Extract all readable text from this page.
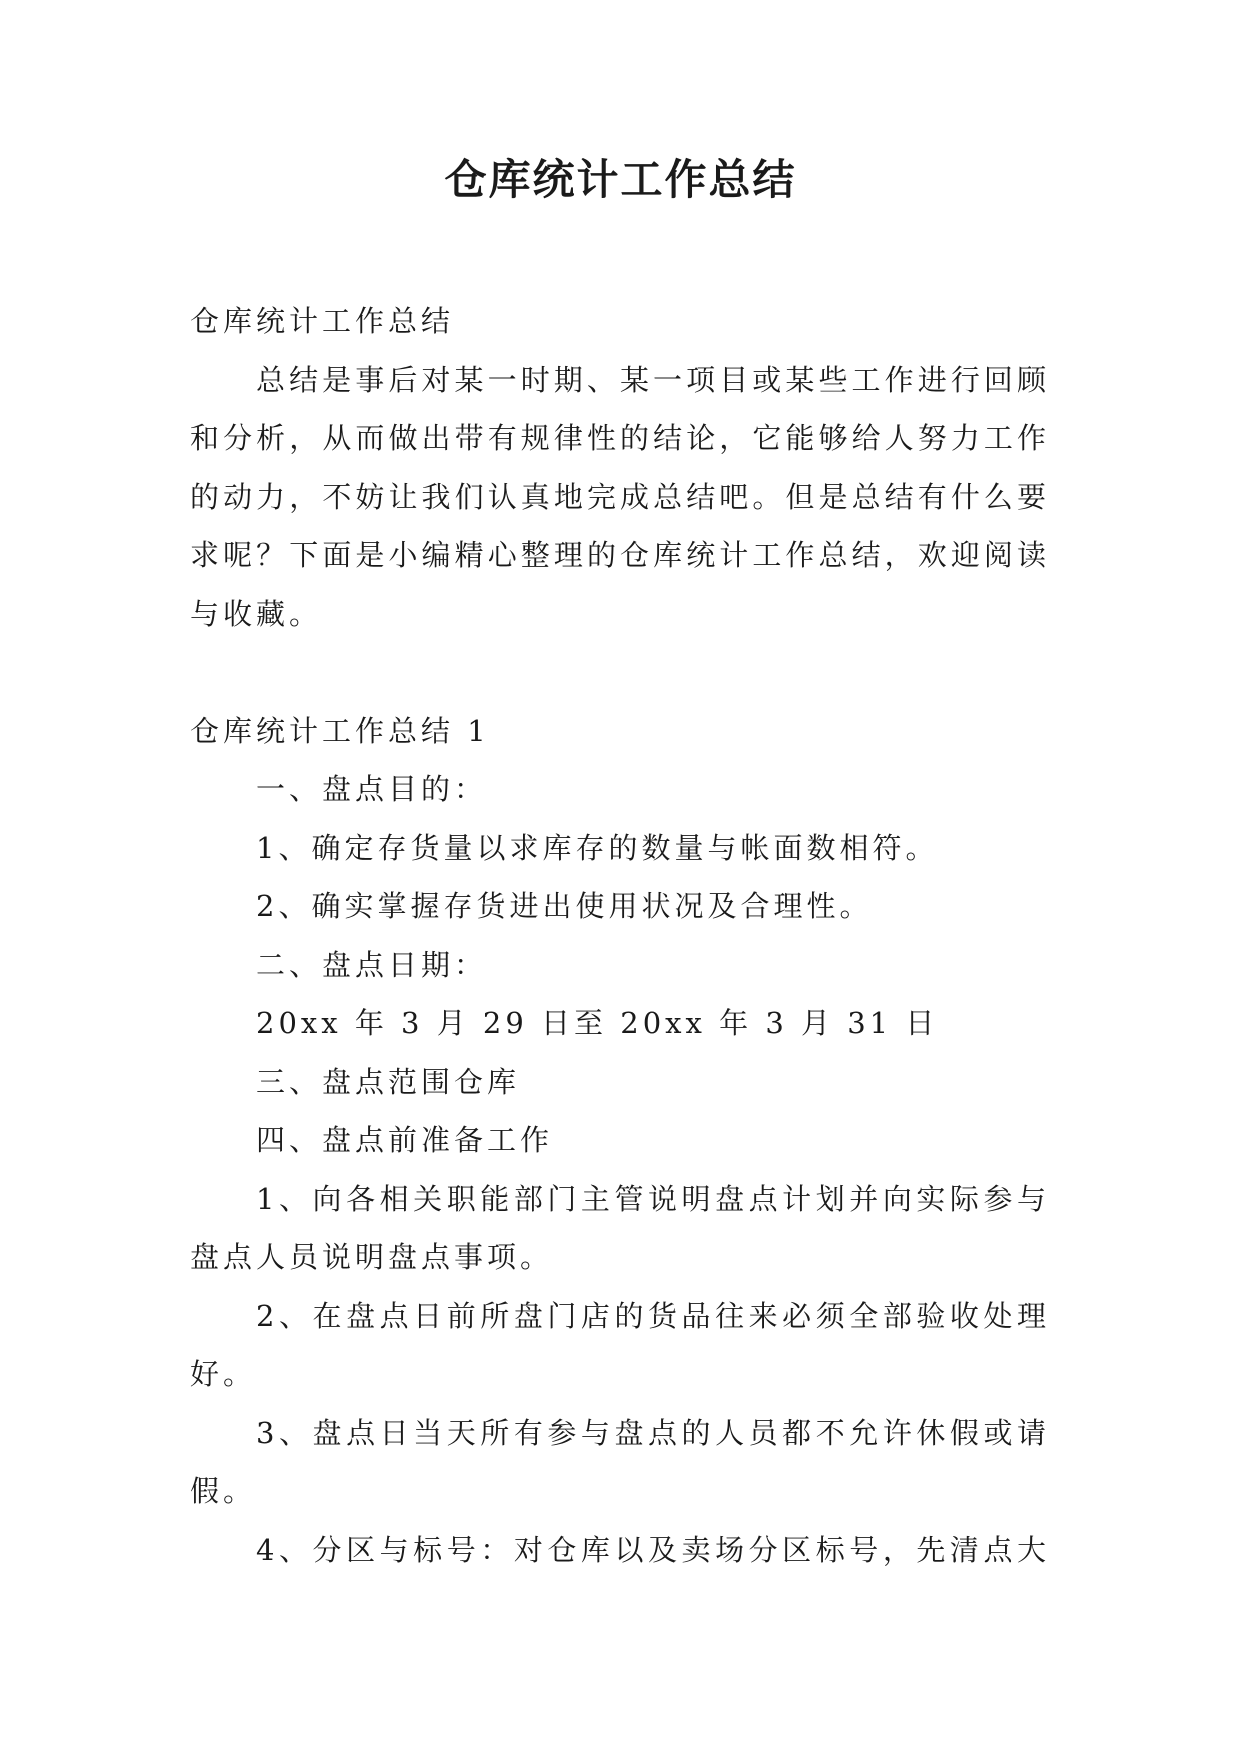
仓库统计工作总结

仓库统计工作总结

总结是事后对某一时期、某一项目或某些工作进行回顾和分析，从而做出带有规律性的结论，它能够给人努力工作的动力，不妨让我们认真地完成总结吧。但是总结有什么要求呢？下面是小编精心整理的仓库统计工作总结，欢迎阅读与收藏。

仓库统计工作总结 1

一、盘点目的：

1、确定存货量以求库存的数量与帐面数相符。

2、确实掌握存货进出使用状况及合理性。

二、盘点日期：

20xx 年 3 月 29 日至 20xx 年 3 月 31 日

三、盘点范围仓库

四、盘点前准备工作

1、向各相关职能部门主管说明盘点计划并向实际参与盘点人员说明盘点事项。

2、在盘点日前所盘门店的货品往来必须全部验收处理好。

3、盘点日当天所有参与盘点的人员都不允许休假或请假。

4、分区与标号：对仓库以及卖场分区标号，先清点大
